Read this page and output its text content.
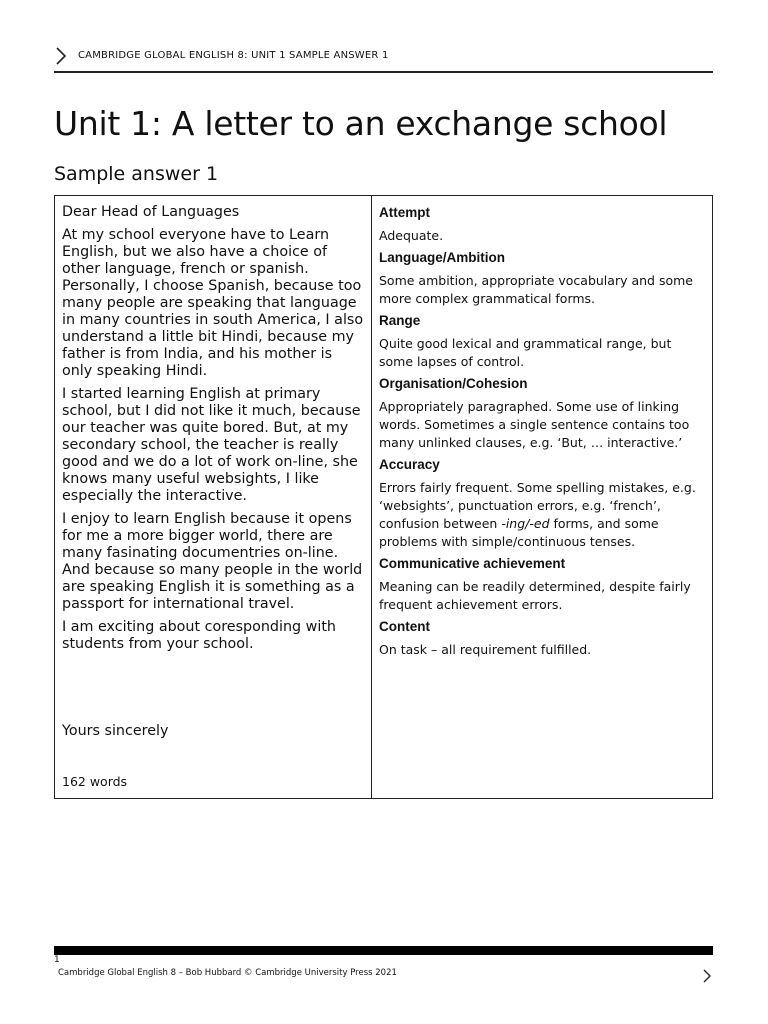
CAMBRIDGE GLOBAL ENGLISH 8: UNIT 1 SAMPLE ANSWER 1
Unit 1: A letter to an exchange school
Sample answer 1

Dear Head of Languages

At my school everyone have to Learn English, but we also have a choice of other language, french or spanish. Personally, I choose Spanish, because too many people are speaking that language in many countries in south America, I also understand a little bit Hindi, because my father is from India, and his mother is only speaking Hindi.

I started learning English at primary school, but I did not like it much, because our teacher was quite bored. But, at my secondary school, the teacher is really good and we do a lot of work on-line, she knows many useful websights, I like especially the interactive.

I enjoy to learn English because it opens for me a more bigger world, there are many fasinating documentries on-line. And because so many people in the world are speaking English it is something as a passport for international travel.

I am exciting about coresponding with students from your school.

Yours sincerely

162 words

Attempt
Adequate.
Language/Ambition
Some ambition, appropriate vocabulary and some more complex grammatical forms.
Range
Quite good lexical and grammatical range, but some lapses of control.
Organisation/Cohesion
Appropriately paragraphed. Some use of linking words. Sometimes a single sentence contains too many unlinked clauses, e.g. ‘But, … interactive.’
Accuracy
Errors fairly frequent. Some spelling mistakes, e.g. ‘websights’, punctuation errors, e.g. ‘french’, confusion between -ing/-ed forms, and some problems with simple/continuous tenses.
Communicative achievement
Meaning can be readily determined, despite fairly frequent achievement errors.
Content
On task – all requirement fulfilled.
1
Cambridge Global English 8 – Bob Hubbard © Cambridge University Press 2021
